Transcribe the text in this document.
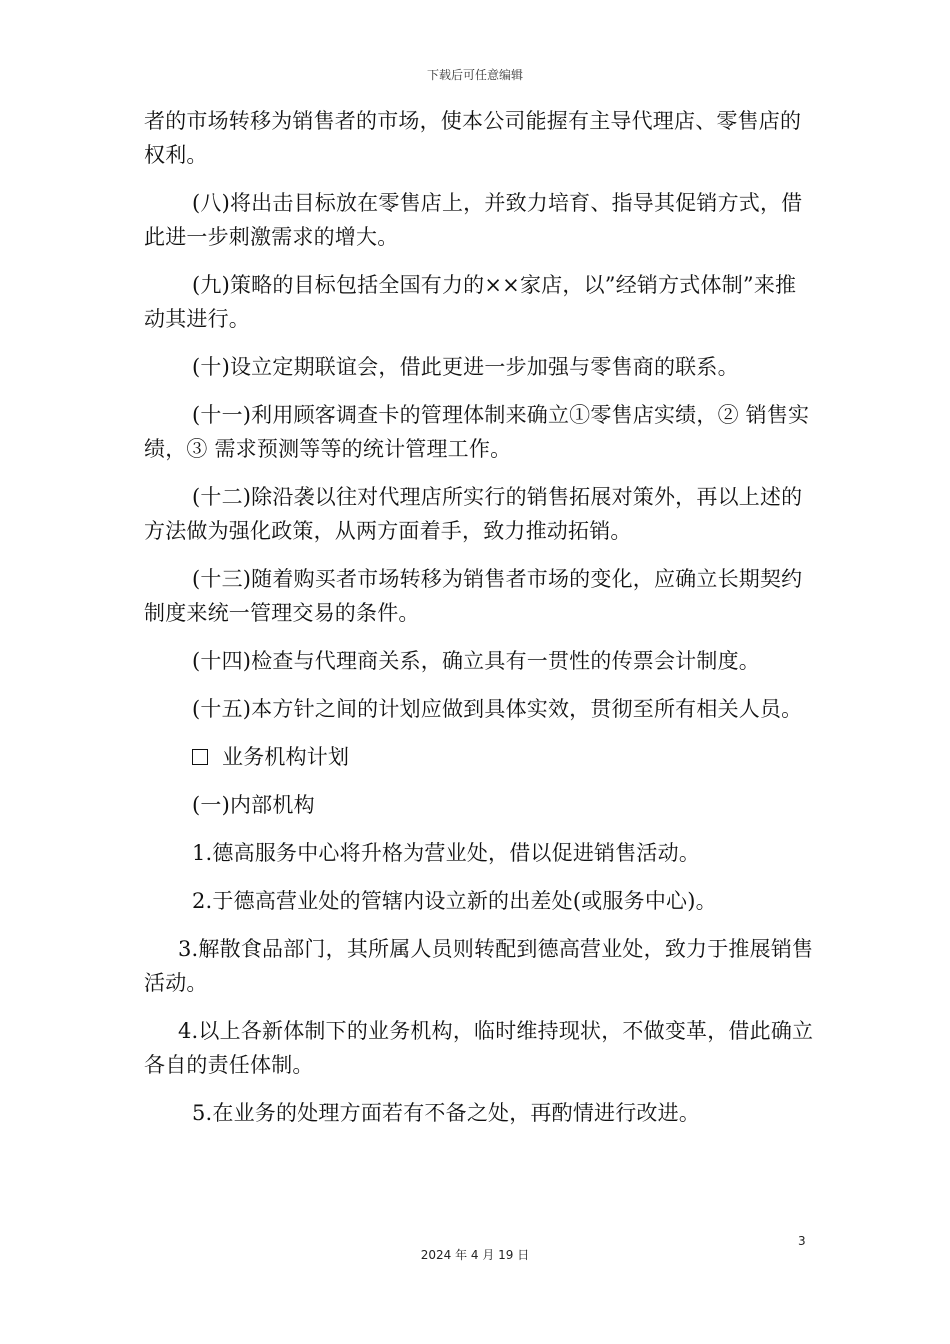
下载后可任意编辑

者的市场转移为销售者的市场，使本公司能握有主导代理店、零售店的权利。

(八)将出击目标放在零售店上，并致力培育、指导其促销方式，借此进一步刺激需求的增大。

(九)策略的目标包括全国有力的××家店，以”经销方式体制”来推动其进行。

(十)设立定期联谊会，借此更进一步加强与零售商的联系。

(十一)利用顾客调查卡的管理体制来确立①零售店实绩，② 销售实绩，③ 需求预测等等的统计管理工作。

(十二)除沿袭以往对代理店所实行的销售拓展对策外，再以上述的方法做为强化政策，从两方面着手，致力推动拓销。

(十三)随着购买者市场转移为销售者市场的变化，应确立长期契约制度来统一管理交易的条件。

(十四)检查与代理商关系，确立具有一贯性的传票会计制度。

(十五)本方针之间的计划应做到具体实效，贯彻至所有相关人员。

业务机构计划

(一)内部机构

1.德高服务中心将升格为营业处，借以促进销售活动。

2.于德高营业处的管辖内设立新的出差处(或服务中心)。

3.解散食品部门，其所属人员则转配到德高营业处，致力于推展销售活动。

4.以上各新体制下的业务机构，临时维持现状，不做变革，借此确立各自的责任体制。

5.在业务的处理方面若有不备之处，再酌情进行改进。

3
2024 年 4 月 19 日
